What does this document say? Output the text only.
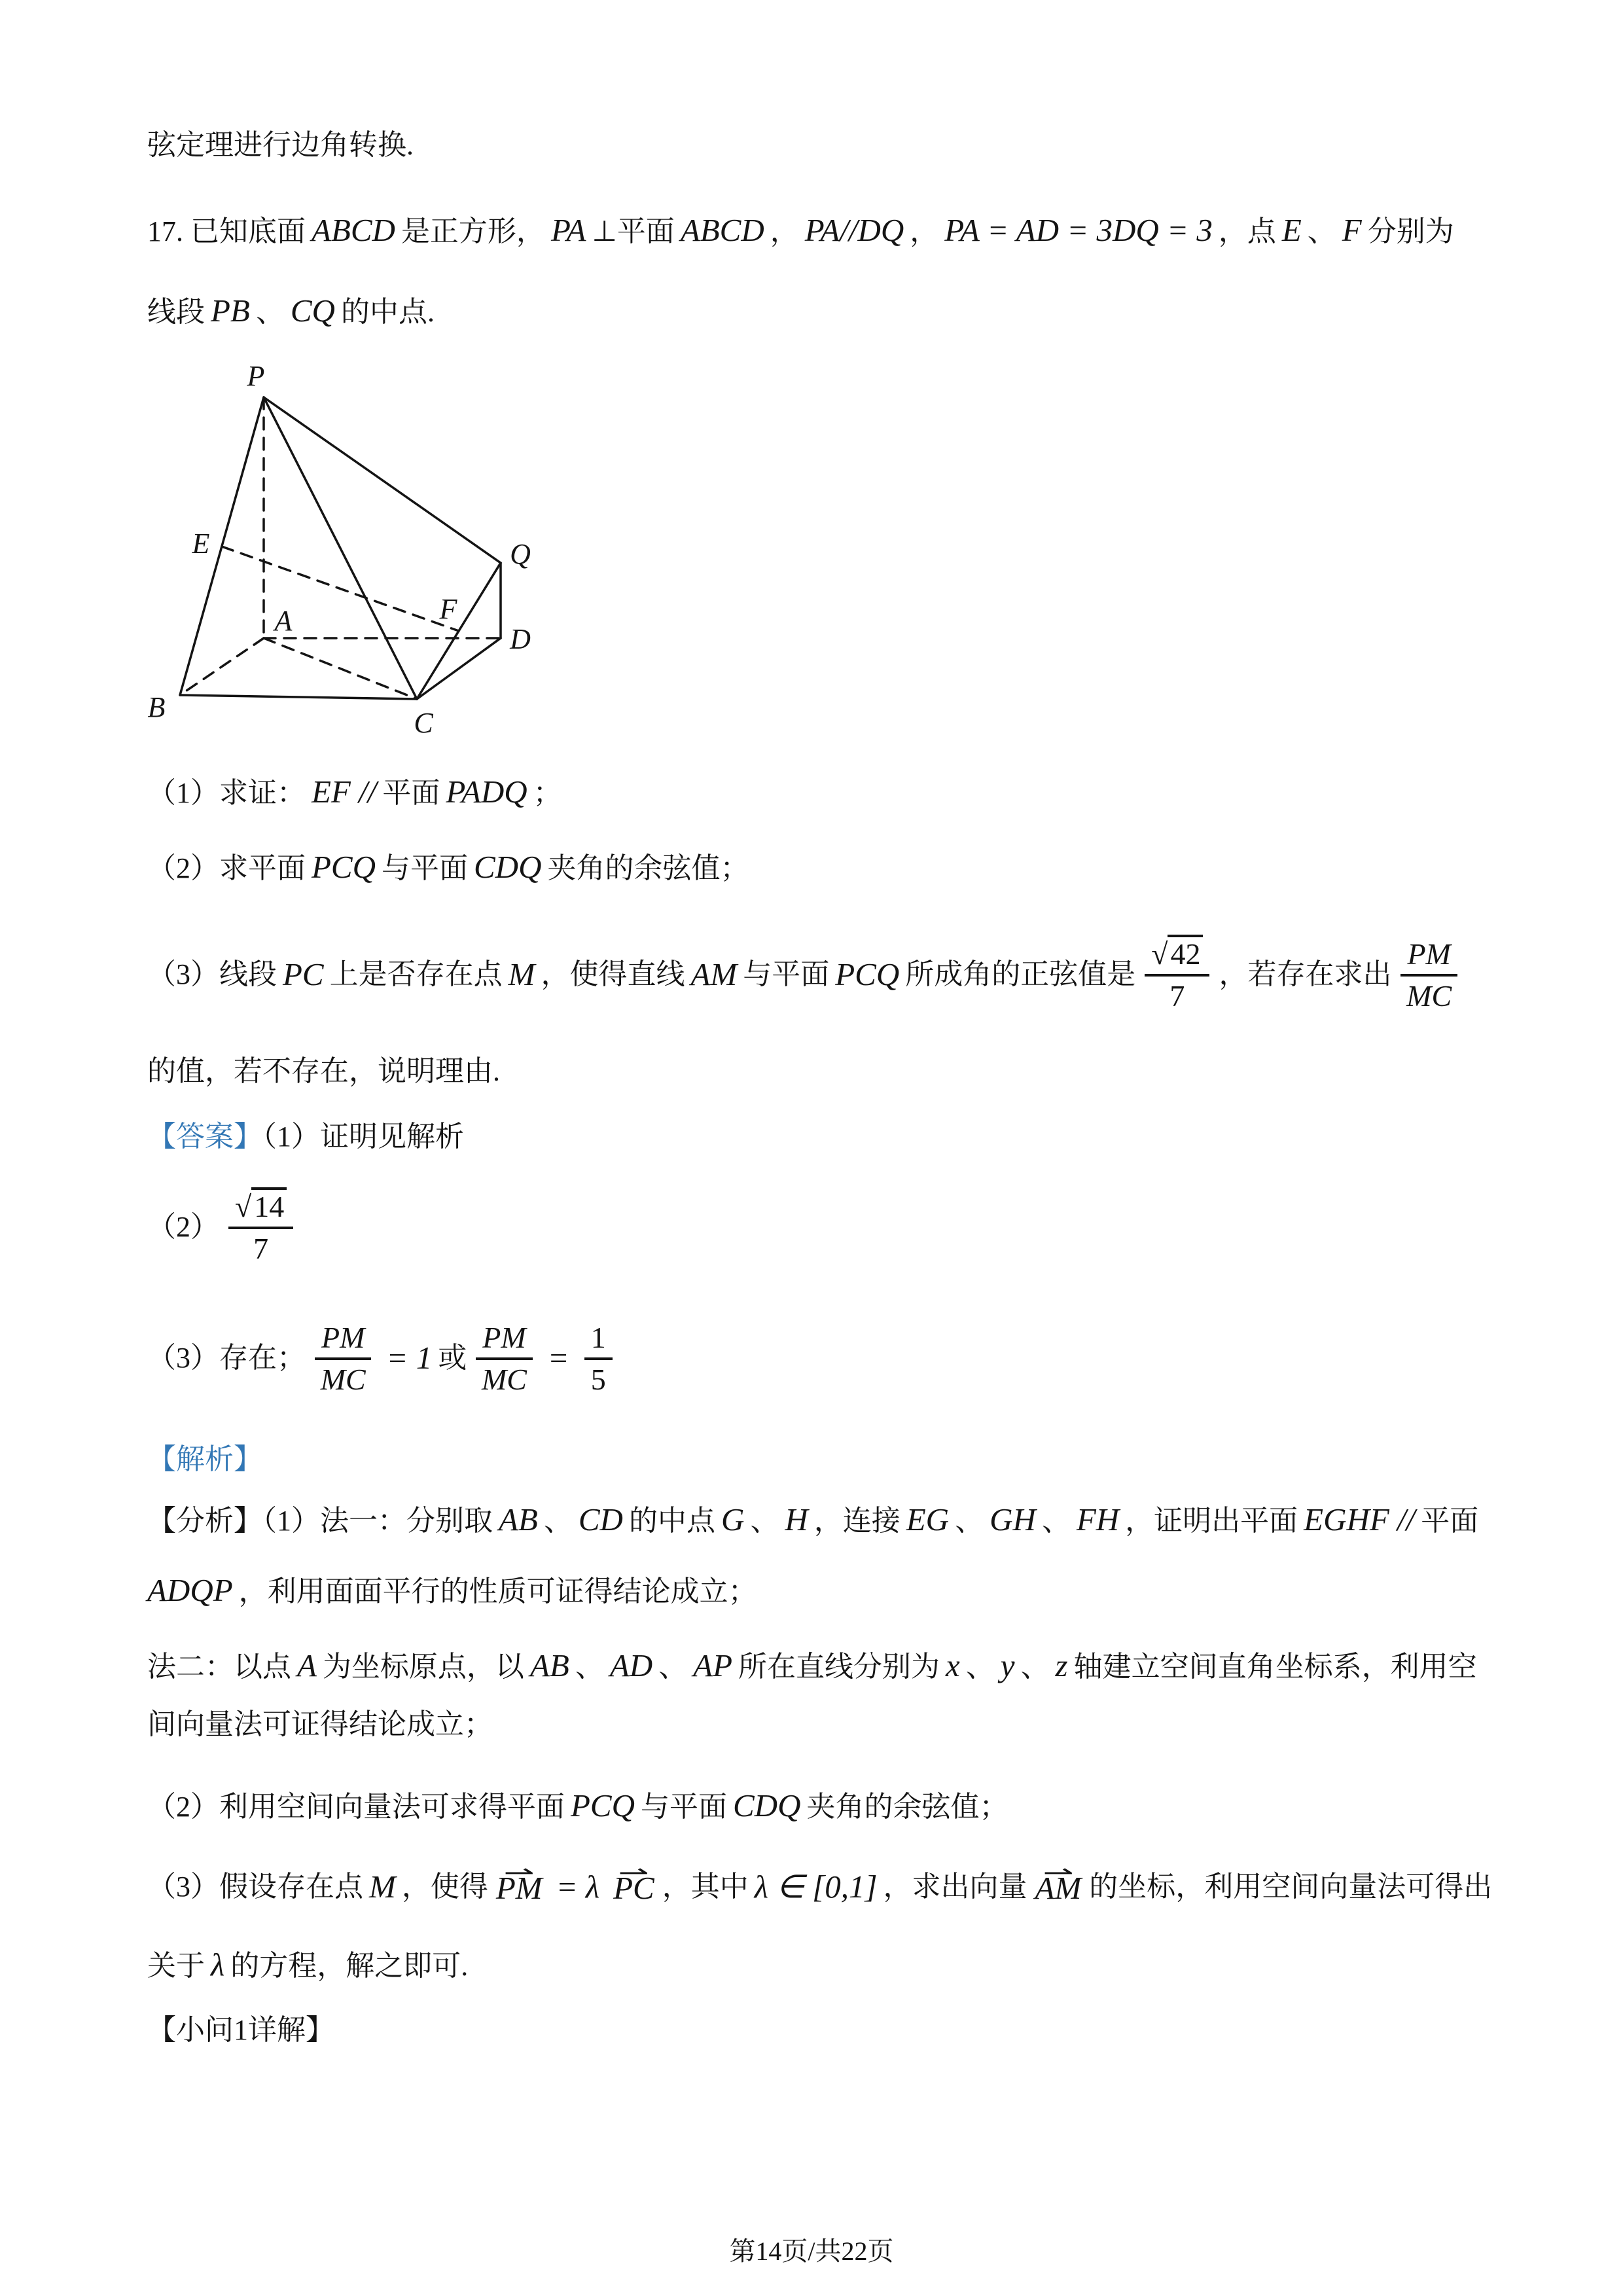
弦定理进行边角转换.
17. 已知底面 ABCD 是正方形， PA ⊥平面 ABCD ， PA//DQ ， PA = AD = 3DQ = 3 ，点 E 、 F 分别为
线段 PB 、 CQ 的中点.
P
E
B
A
C
D
Q
F
（1）求证： EF // 平面 PADQ ；
（2）求平面 PCQ 与平面 CDQ 夹角的余弦值；
（3）线段 PC 上是否存在点 M ，使得直线 AM 与平面 PCQ 所成角的正弦值是 $\frac{√42}{7}$ ，若存在求出 $\frac{PM}{MC}$
的值，若不存在，说明理由.
【答案】（1）证明见解析
$(2) \frac{√14}{7}$
（3）存在； $\frac{PM}{MC} = 1$ 或 $\frac{PM}{MC} = \frac{1}{5}$
【解析】
【分析】（1）法一：分别取 AB 、 CD 的中点 G 、 H ，连接 EG 、 GH 、 FH ，证明出平面 EGHF // 平面
ADQP ，利用面面平行的性质可证得结论成立；
法二：以点 A 为坐标原点，以 AB 、 AD 、 AP 所在直线分别为 x 、 y 、 z 轴建立空间直角坐标系，利用空
间向量法可证得结论成立；
（2）利用空间向量法可求得平面 PCQ 与平面 CDQ 夹角的余弦值；
（3）假设存在点 M ，使得 PM ⇀ = λ PC ⇀ ，其中 λ ∈ [0,1] ，求出向量 AM ⇀ 的坐标，利用空间向量法可得出
关于 λ 的方程，解之即可.
【小问1详解】
第14页/共22页
